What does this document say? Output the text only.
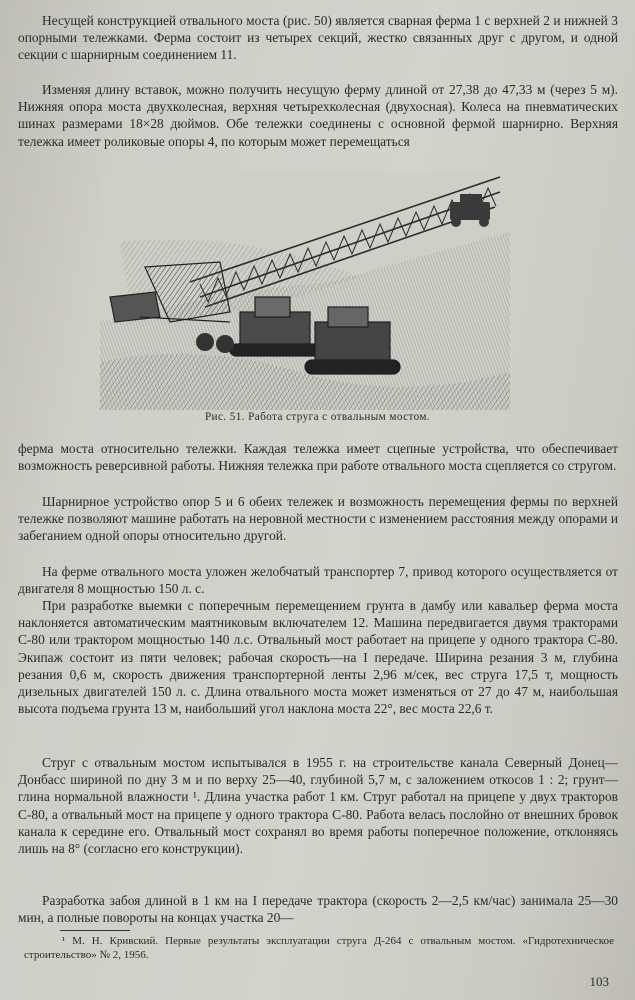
Несущей конструкцией отвального моста (рис. 50) является сварная ферма 1 с верхней 2 и нижней 3 опорными тележками. Ферма состоит из четырех секций, жестко связанных друг с другом, и одной секции с шарнирным соединением 11.

Изменяя длину вставок, можно получить несущую ферму длиной от 27,38 до 47,33 м (через 5 м). Нижняя опора моста двухколесная, верхняя четырехколесная (двухосная). Колеса на пневматических шинах размерами 18×28 дюймов. Обе тележки соединены с основной фермой шарнирно. Верхняя тележка имеет роликовые опоры 4, по которым может перемещаться

Рис. 51. Работа струга с отвальным мостом.

ферма моста относительно тележки. Каждая тележка имеет сцепные устройства, что обеспечивает возможность реверсивной работы. Нижняя тележка при работе отвального моста сцепляется со стругом.

Шарнирное устройство опор 5 и 6 обеих тележек и возможность перемещения фермы по верхней тележке позволяют машине работать на неровной местности с изменением расстояния между опорами и забеганием одной опоры относительно другой.

На ферме отвального моста уложен желобчатый транспортер 7, привод которого осуществляется от двигателя 8 мощностью 150 л. с.

При разработке выемки с поперечным перемещением грунта в дамбу или кавальер ферма моста наклоняется автоматическим маятниковым включателем 12. Машина передвигается двумя тракторами С-80 или трактором мощностью 140 л.с. Отвальный мост работает на прицепе у одного трактора С-80. Экипаж состоит из пяти человек; рабочая скорость—на I передаче. Ширина резания 3 м, глубина резания 0,6 м, скорость движения транспортерной ленты 2,96 м/сек, вес струга 17,5 т, мощность дизельных двигателей 150 л. с. Длина отвального моста может изменяться от 27 до 47 м, наибольшая высота подъема грунта 13 м, наибольший угол наклона моста 22°, вес моста 22,6 т.

Струг с отвальным мостом испытывался в 1955 г. на строительстве канала Северный Донец—Донбасс шириной по дну 3 м и по верху 25—40, глубиной 5,7 м, с заложением откосов 1 : 2; грунт—глина нормальной влажности ¹. Длина участка работ 1 км. Струг работал на прицепе у двух тракторов С-80, а отвальный мост на прицепе у одного трактора С-80. Работа велась послойно от внешних бровок канала к середине его. Отвальный мост сохранял во время работы поперечное положение, отклоняясь лишь на 8° (согласно его конструкции).

Разработка забоя длиной в 1 км на I передаче трактора (скорость 2—2,5 км/час) занимала 25—30 мин, а полные повороты на концах участка 20—

¹ М. Н. Кривский. Первые результаты эксплуатации струга Д-264 с отвальным мостом. «Гидротехническое строительство» № 2, 1956.

103
